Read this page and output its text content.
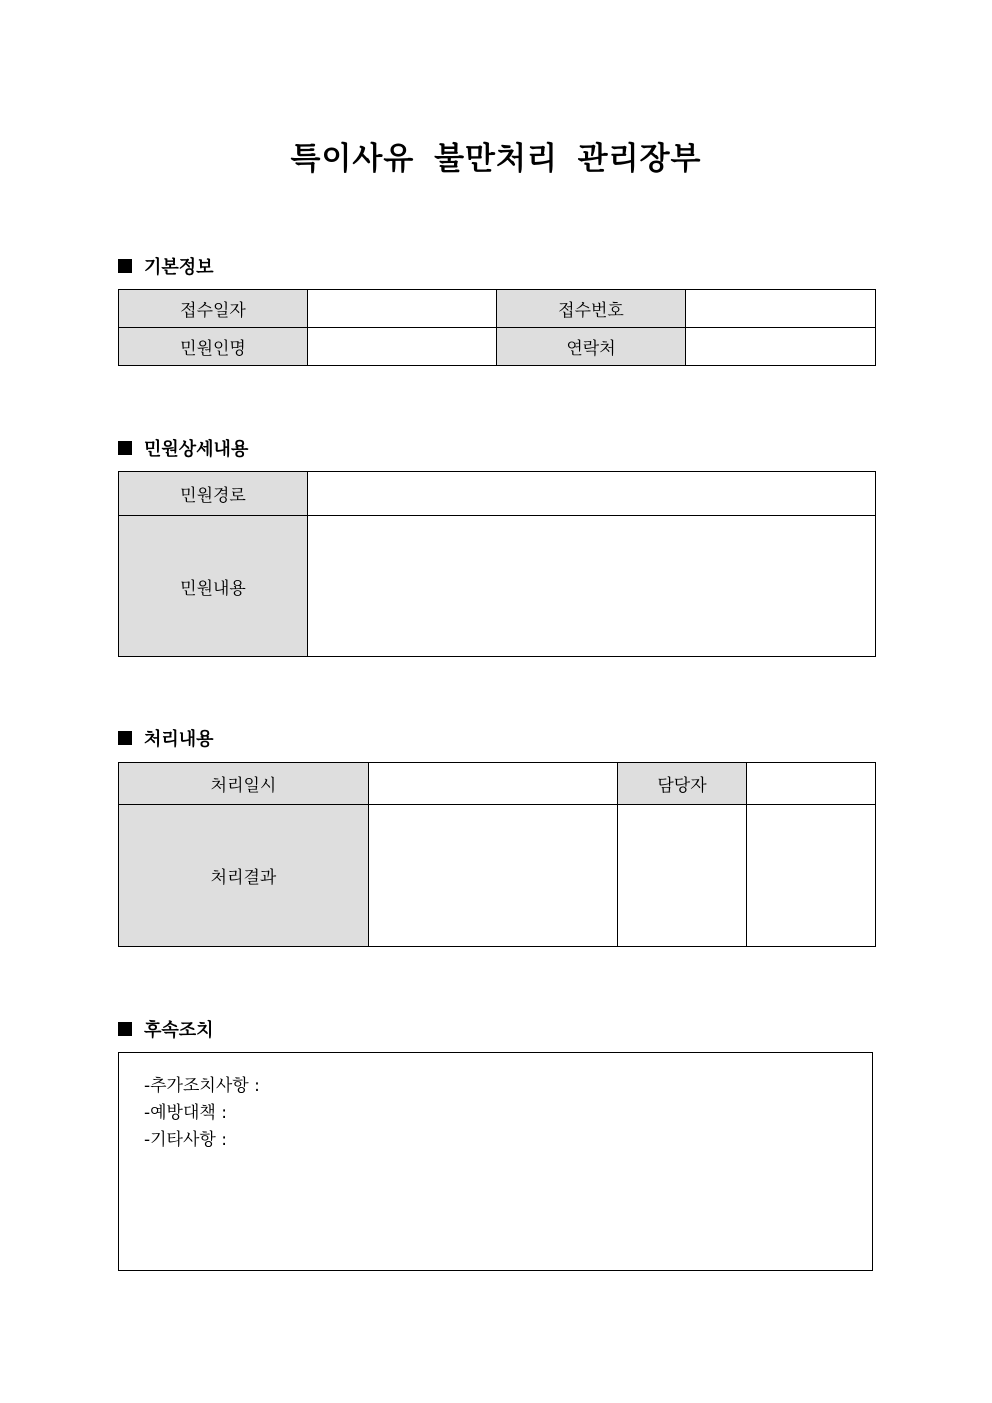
특이사유 불만처리 관리장부
기본정보
접수일자		접수번호	
민원인명		연락처	
민원상세내용
민원경로	
민원내용	
처리내용
처리일시		담당자	
처리결과			
후속조치
-추가조치사항 :
-예방대책 :
-기타사항 :
